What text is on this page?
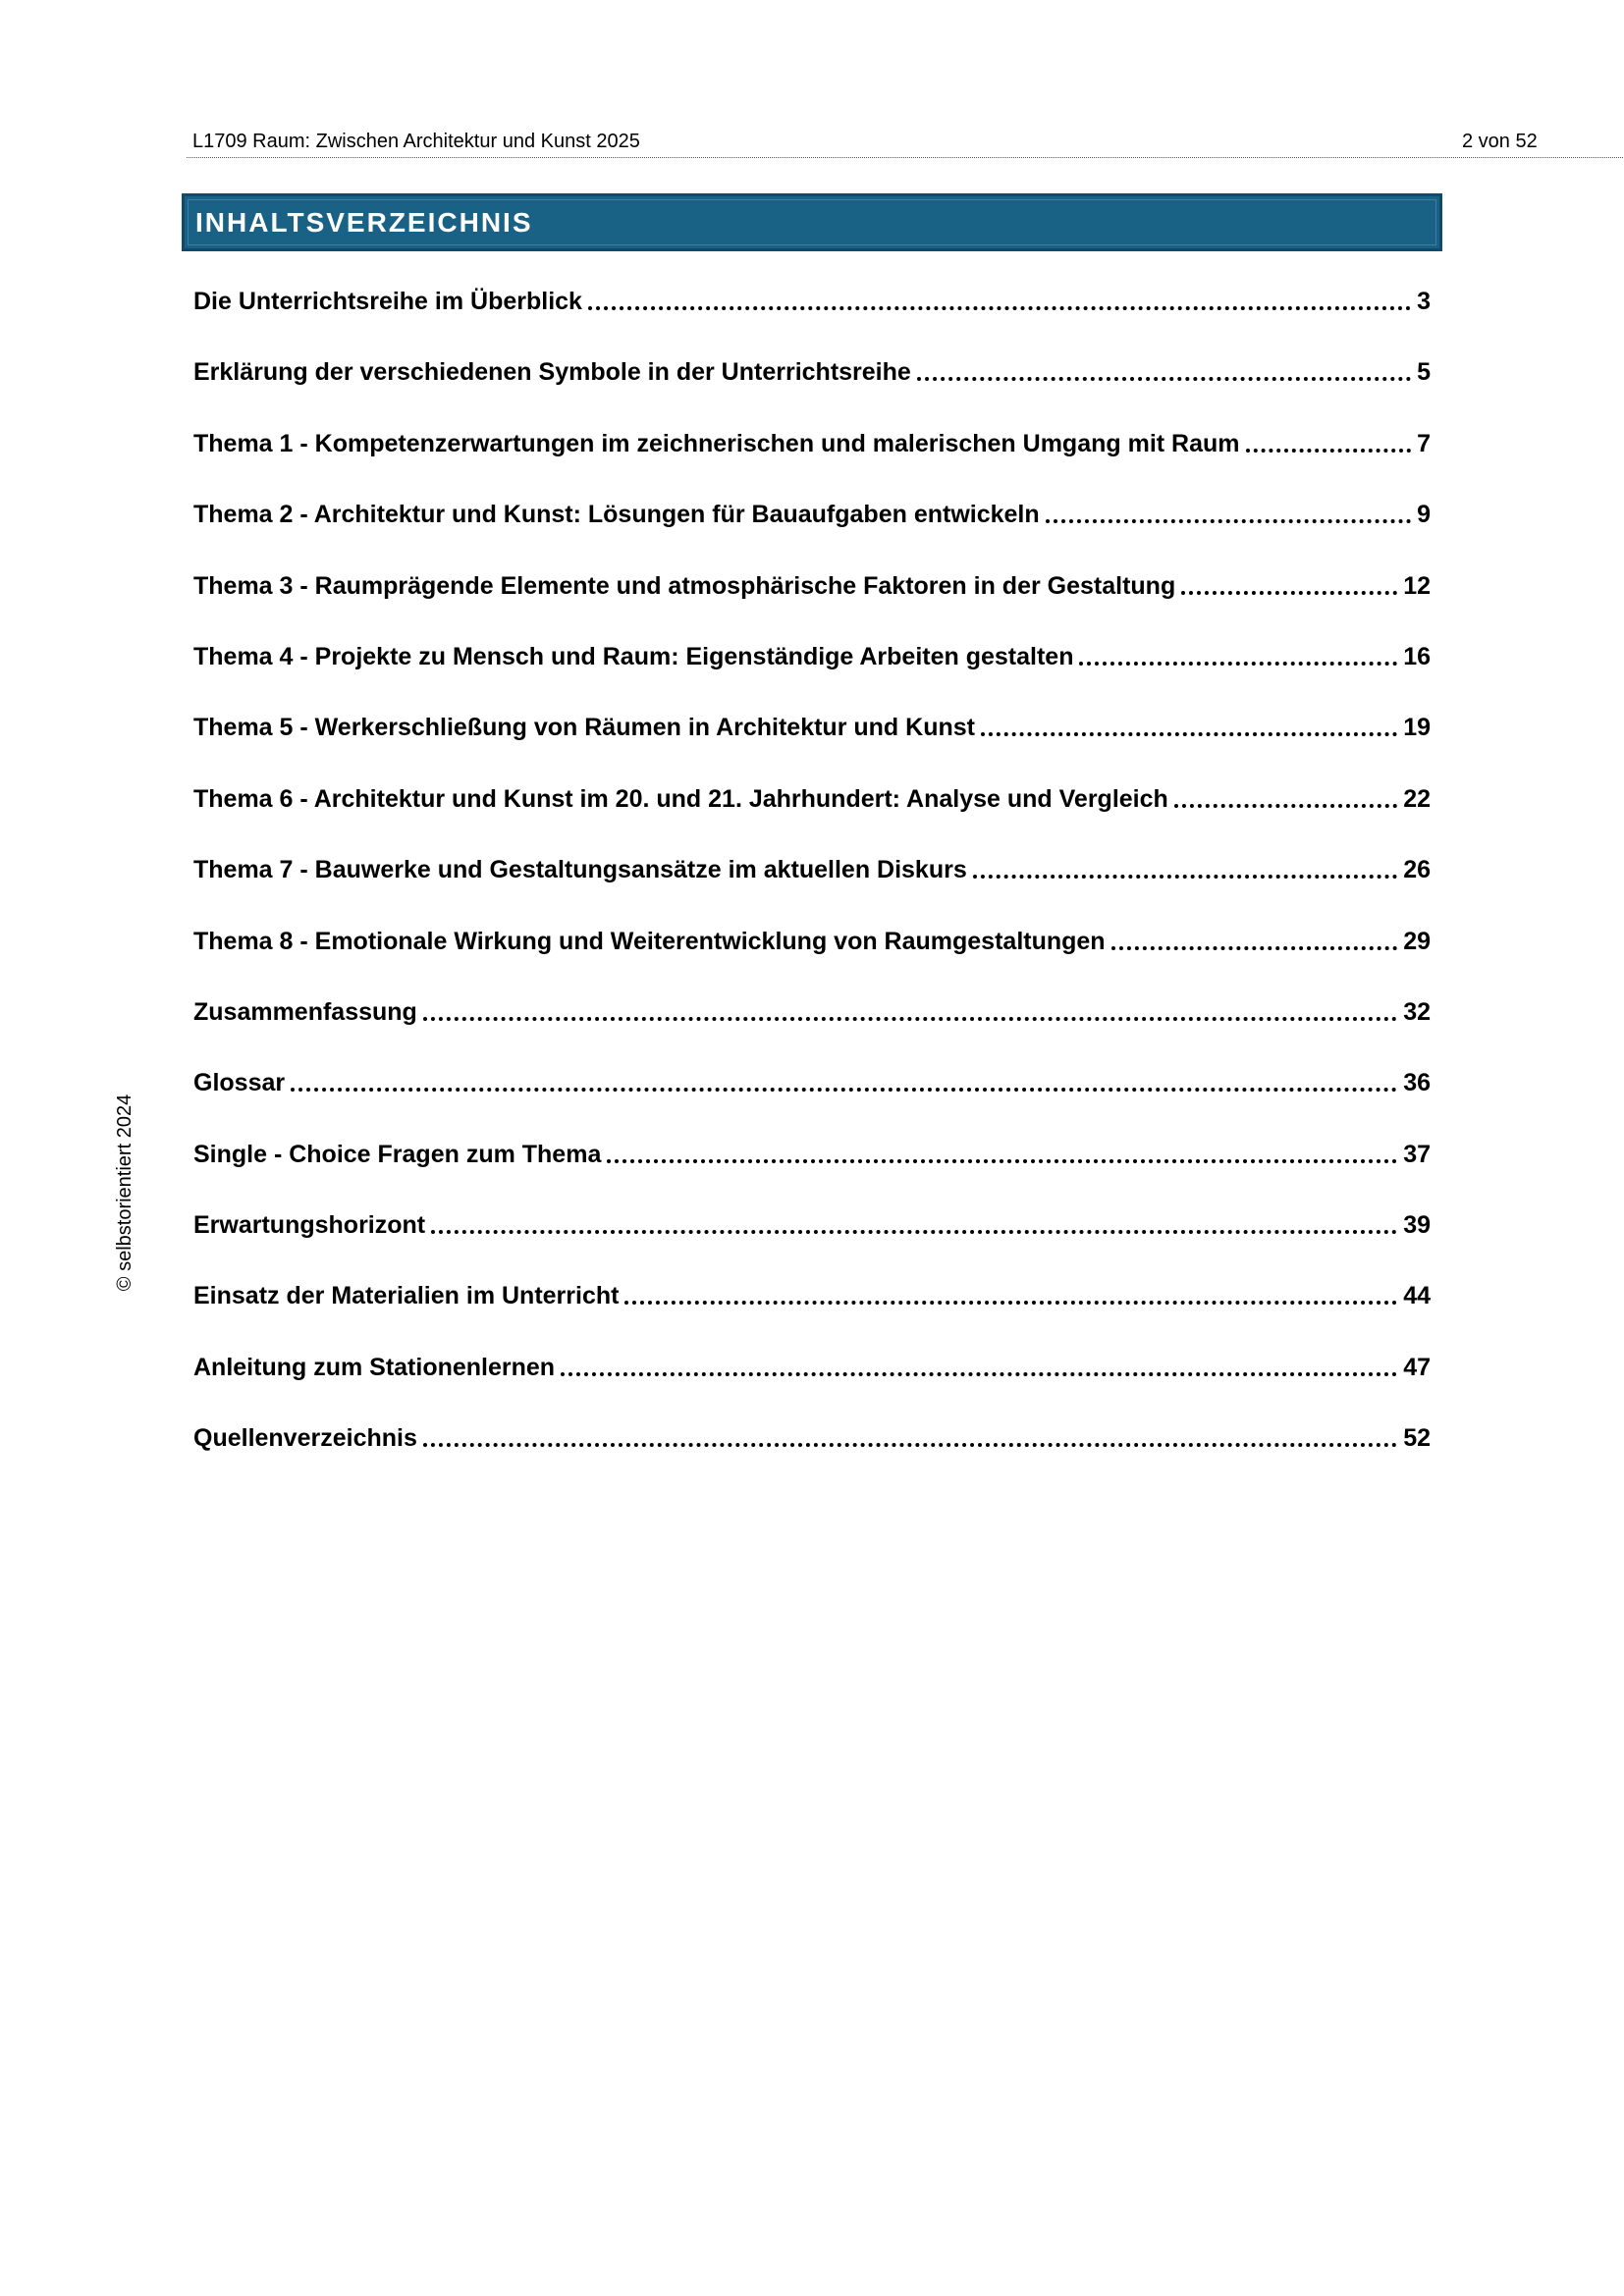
L1709 Raum: Zwischen Architektur und Kunst 2025	2 von 52
INHALTSVERZEICHNIS
Die Unterrichtsreihe im Überblick	3
Erklärung der verschiedenen Symbole in der Unterrichtsreihe	5
Thema 1 - Kompetenzerwartungen im zeichnerischen und malerischen Umgang mit Raum	7
Thema 2 - Architektur und Kunst: Lösungen für Bauaufgaben entwickeln	9
Thema 3 - Raumprägende Elemente und atmosphärische Faktoren in der Gestaltung	12
Thema 4 - Projekte zu Mensch und Raum: Eigenständige Arbeiten gestalten	16
Thema 5 - Werkerschließung von Räumen in Architektur und Kunst	19
Thema 6 - Architektur und Kunst im 20. und 21. Jahrhundert: Analyse und Vergleich	22
Thema 7 - Bauwerke und Gestaltungsansätze im aktuellen Diskurs	26
Thema 8 - Emotionale Wirkung und Weiterentwicklung von Raumgestaltungen	29
Zusammenfassung	32
Glossar	36
Single - Choice Fragen zum Thema	37
Erwartungshorizont	39
Einsatz der Materialien im Unterricht	44
Anleitung zum Stationenlernen	47
Quellenverzeichnis	52
© selbstorientiert 2024
